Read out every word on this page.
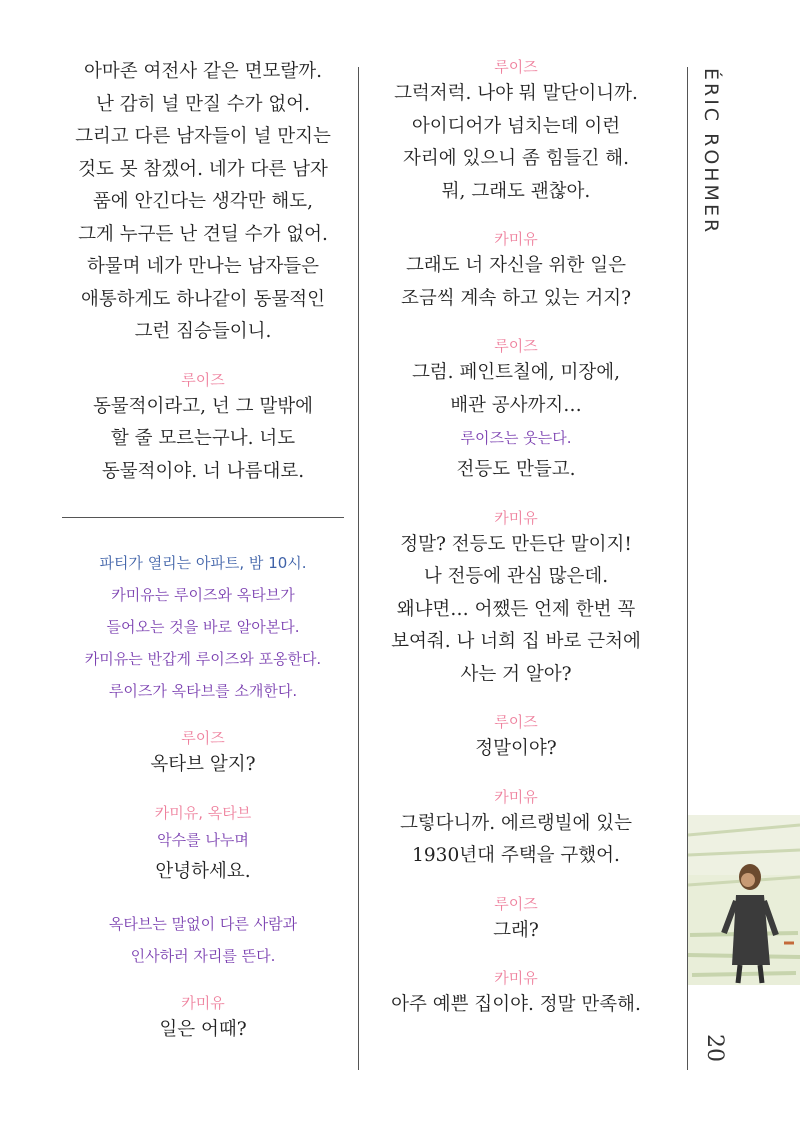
아마존 여전사 같은 면모랄까.
난 감히 널 만질 수가 없어.
그리고 다른 남자들이 널 만지는
것도 못 참겠어. 네가 다른 남자
품에 안긴다는 생각만 해도,
그게 누구든 난 견딜 수가 없어.
하물며 네가 만나는 남자들은
애통하게도 하나같이 동물적인
그런 짐승들이니.
루이즈
동물적이라고, 넌 그 말밖에
할 줄 모르는구나. 너도
동물적이야. 너 나름대로.
파티가 열리는 아파트, 밤 10시.
카미유는 루이즈와 옥타브가
들어오는 것을 바로 알아본다.
카미유는 반갑게 루이즈와 포옹한다.
루이즈가 옥타브를 소개한다.
루이즈
옥타브 알지?
카미유, 옥타브
악수를 나누며
안녕하세요.
옥타브는 말없이 다른 사람과
인사하러 자리를 뜬다.
카미유
일은 어때?
루이즈
그럭저럭. 나야 뭐 말단이니까.
아이디어가 넘치는데 이런
자리에 있으니 좀 힘들긴 해.
뭐, 그래도 괜찮아.
카미유
그래도 너 자신을 위한 일은
조금씩 계속 하고 있는 거지?
루이즈
그럼. 페인트칠에, 미장에,
배관 공사까지…
루이즈는 웃는다.
전등도 만들고.
카미유
정말? 전등도 만든단 말이지!
나 전등에 관심 많은데.
왜냐면… 어쨌든 언제 한번 꼭
보여줘. 나 너희 집 바로 근처에
사는 거 알아?
루이즈
정말이야?
카미유
그렇다니까. 에르랭빌에 있는
1930년대 주택을 구했어.
루이즈
그래?
카미유
아주 예쁜 집이야. 정말 만족해.
ÉRIC ROHMER
20
